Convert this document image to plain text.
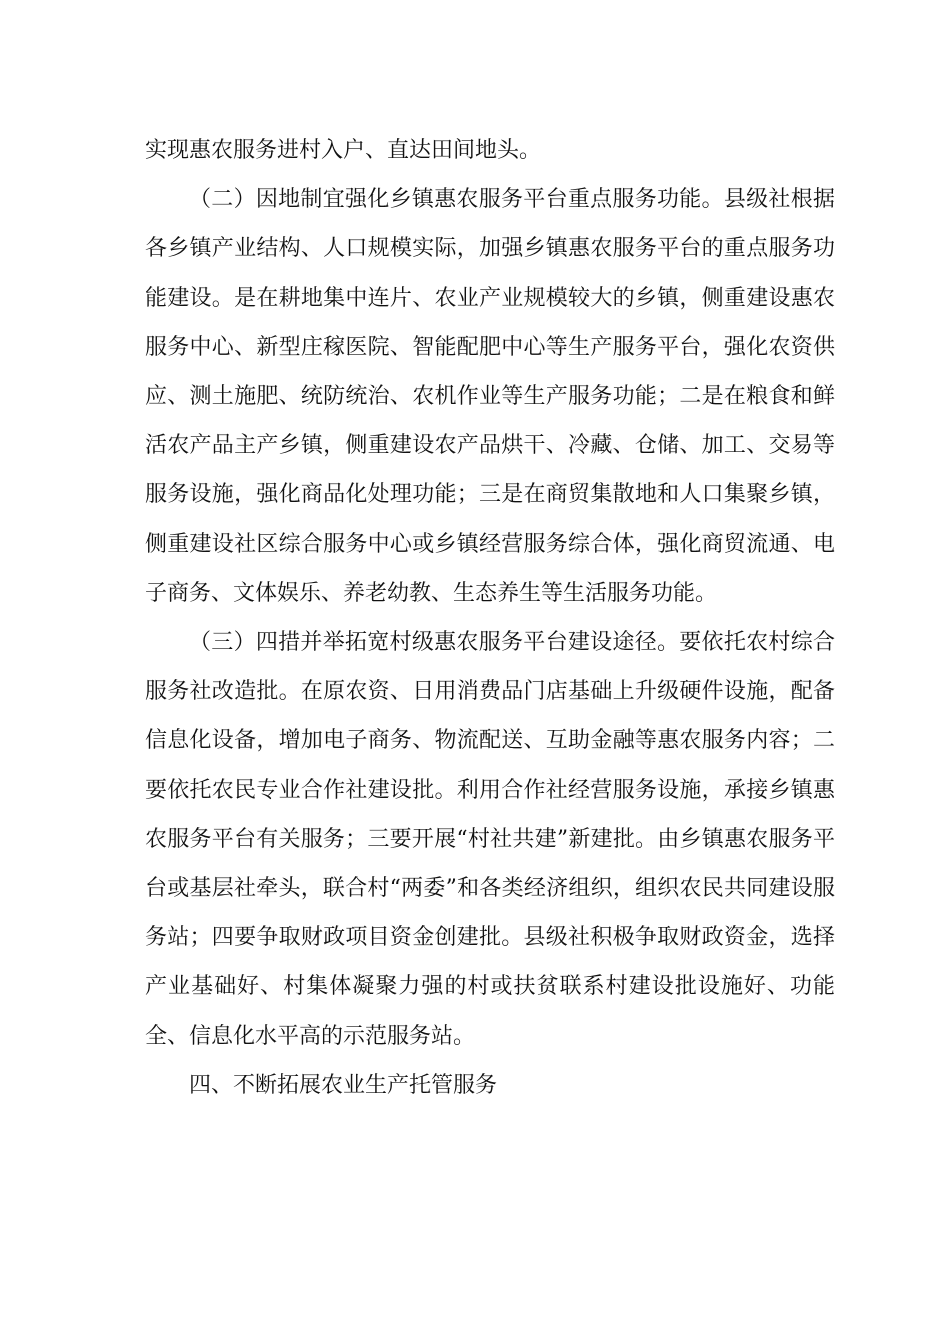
实现惠农服务进村入户、直达田间地头。

（二）因地制宜强化乡镇惠农服务平台重点服务功能。县级社根据各乡镇产业结构、人口规模实际，加强乡镇惠农服务平台的重点服务功能建设。是在耕地集中连片、农业产业规模较大的乡镇，侧重建设惠农服务中心、新型庄稼医院、智能配肥中心等生产服务平台，强化农资供应、测土施肥、统防统治、农机作业等生产服务功能；二是在粮食和鲜活农产品主产乡镇，侧重建设农产品烘干、冷藏、仓储、加工、交易等服务设施，强化商品化处理功能；三是在商贸集散地和人口集聚乡镇，侧重建设社区综合服务中心或乡镇经营服务综合体，强化商贸流通、电子商务、文体娱乐、养老幼教、生态养生等生活服务功能。

（三）四措并举拓宽村级惠农服务平台建设途径。要依托农村综合服务社改造批。在原农资、日用消费品门店基础上升级硬件设施，配备信息化设备，增加电子商务、物流配送、互助金融等惠农服务内容；二要依托农民专业合作社建设批。利用合作社经营服务设施，承接乡镇惠农服务平台有关服务；三要开展“村社共建”新建批。由乡镇惠农服务平台或基层社牵头，联合村“两委”和各类经济组织，组织农民共同建设服务站；四要争取财政项目资金创建批。县级社积极争取财政资金，选择产业基础好、村集体凝聚力强的村或扶贫联系村建设批设施好、功能全、信息化水平高的示范服务站。

四、不断拓展农业生产托管服务
